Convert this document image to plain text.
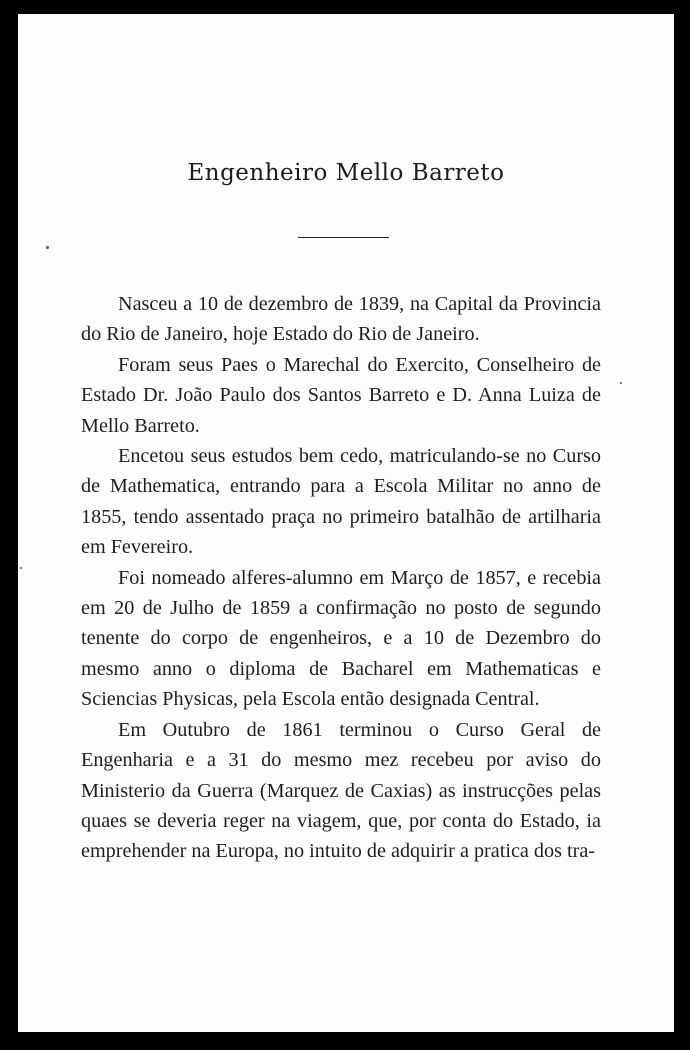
Engenheiro Mello Barreto

Nasceu a 10 de dezembro de 1839, na Capital da Provincia do Rio de Janeiro, hoje Estado do Rio de Janeiro.

Foram seus Paes o Marechal do Exercito, Conselheiro de Estado Dr. João Paulo dos Santos Barreto e D. Anna Luiza de Mello Barreto.

Encetou seus estudos bem cedo, matriculando-se no Curso de Mathematica, entrando para a Escola Militar no anno de 1855, tendo assentado praça no primeiro batalhão de artilharia em Fevereiro.

Foi nomeado alferes-alumno em Março de 1857, e recebia em 20 de Julho de 1859 a confirmação no posto de segundo tenente do corpo de engenheiros, e a 10 de Dezembro do mesmo anno o diploma de Bacharel em Mathematicas e Sciencias Physicas, pela Escola então designada Central.

Em Outubro de 1861 terminou o Curso Geral de Engenharia e a 31 do mesmo mez recebeu por aviso do Ministerio da Guerra (Marquez de Caxias) as instrucções pelas quaes se deveria reger na viagem, que, por conta do Estado, ia emprehender na Europa, no intuito de adquirir a pratica dos tra-
